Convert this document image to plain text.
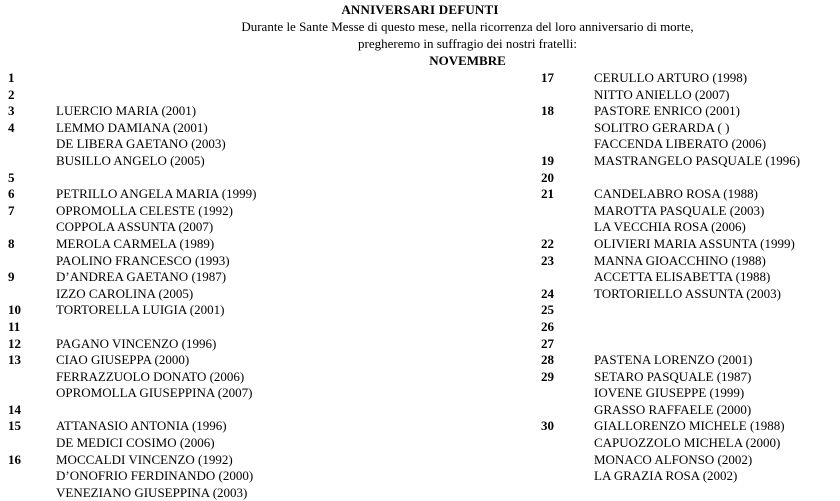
ANNIVERSARI DEFUNTI
Durante le Sante Messe di questo mese, nella ricorrenza del loro anniversario di morte,
pregheremo in suffragio dei nostri fratelli:
NOVEMBRE
1
2
3	LUERCIO MARIA (2001)
4	LEMMO DAMIANA (2001)
DE LIBERA GAETANO (2003)
BUSILLO ANGELO (2005)
5
6	PETRILLO ANGELA MARIA (1999)
7	OPROMOLLA CELESTE (1992)
COPPOLA ASSUNTA (2007)
8	MEROLA CARMELA (1989)
PAOLINO FRANCESCO (1993)
9	D’ANDREA GAETANO (1987)
IZZO CAROLINA (2005)
10	TORTORELLA LUIGIA (2001)
11
12	PAGANO VINCENZO (1996)
13	CIAO GIUSEPPA (2000)
FERRAZZUOLO DONATO (2006)
OPROMOLLA GIUSEPPINA (2007)
14
15	ATTANASIO ANTONIA (1996)
DE MEDICI COSIMO (2006)
16	MOCCALDI VINCENZO (1992)
D’ONOFRIO FERDINANDO (2000)
VENEZIANO GIUSEPPINA (2003)
17	CERULLO ARTURO (1998)
NITTO ANIELLO (2007)
18	PASTORE ENRICO (2001)
SOLITRO GERARDA ( )
FACCENDA LIBERATO (2006)
19	MASTRANGELO PASQUALE (1996)
20
21	CANDELABRO ROSA (1988)
MAROTTA PASQUALE (2003)
LA VECCHIA ROSA (2006)
22	OLIVIERI MARIA ASSUNTA (1999)
23	MANNA GIOACCHINO (1988)
ACCETTA ELISABETTA (1988)
24	TORTORIELLO ASSUNTA (2003)
25
26
27
28	PASTENA LORENZO (2001)
29	SETARO PASQUALE (1987)
IOVENE GIUSEPPE (1999)
GRASSO RAFFAELE (2000)
30	GIALLORENZO MICHELE (1988)
CAPUOZZOLO MICHELA (2000)
MONACO ALFONSO (2002)
LA GRAZIA ROSA (2002)
